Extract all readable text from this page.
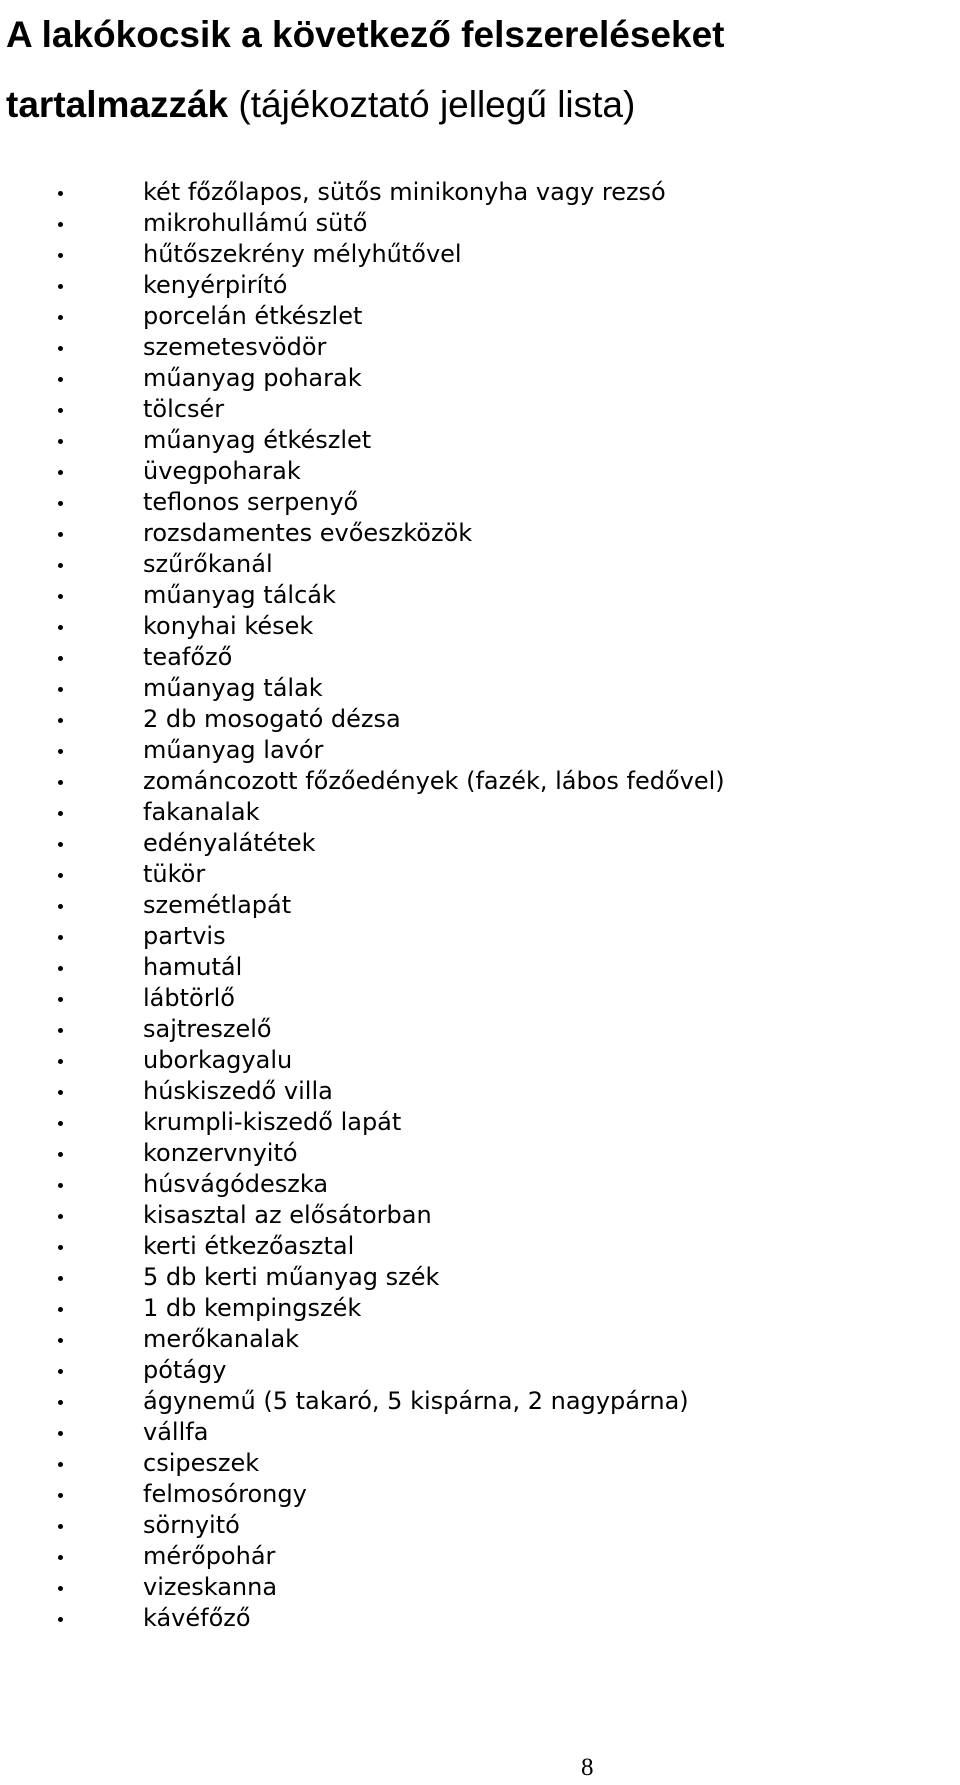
A lakókocsik a következő felszereléseket
tartalmazzák (tájékoztató jellegű lista)
két főzőlapos, sütős minikonyha vagy rezsó
mikrohullámú sütő
hűtőszekrény mélyhűtővel
kenyérpirító
porcelán étkészlet
szemetesvödör
műanyag poharak
tölcsér
műanyag étkészlet
üvegpoharak
teflonos serpenyő
rozsdamentes evőeszközök
szűrőkanál
műanyag tálcák
konyhai kések
teafőző
műanyag tálak
2 db mosogató dézsa
műanyag lavór
zománcozott főzőedények (fazék, lábos fedővel)
fakanalak
edényalátétek
tükör
szemétlapát
partvis
hamutál
lábtörlő
sajtreszelő
uborkagyalu
húskiszedő villa
krumpli-kiszedő lapát
konzervnyitó
húsvágódeszka
kisasztal az elősátorban
kerti étkezőasztal
5 db kerti műanyag szék
1 db kempingszék
merőkanalak
pótágy
ágynemű (5 takaró, 5 kispárna, 2 nagypárna)
vállfa
csipeszek
felmosórongy
sörnyitó
mérőpohár
vizeskanna
kávéfőző
8
